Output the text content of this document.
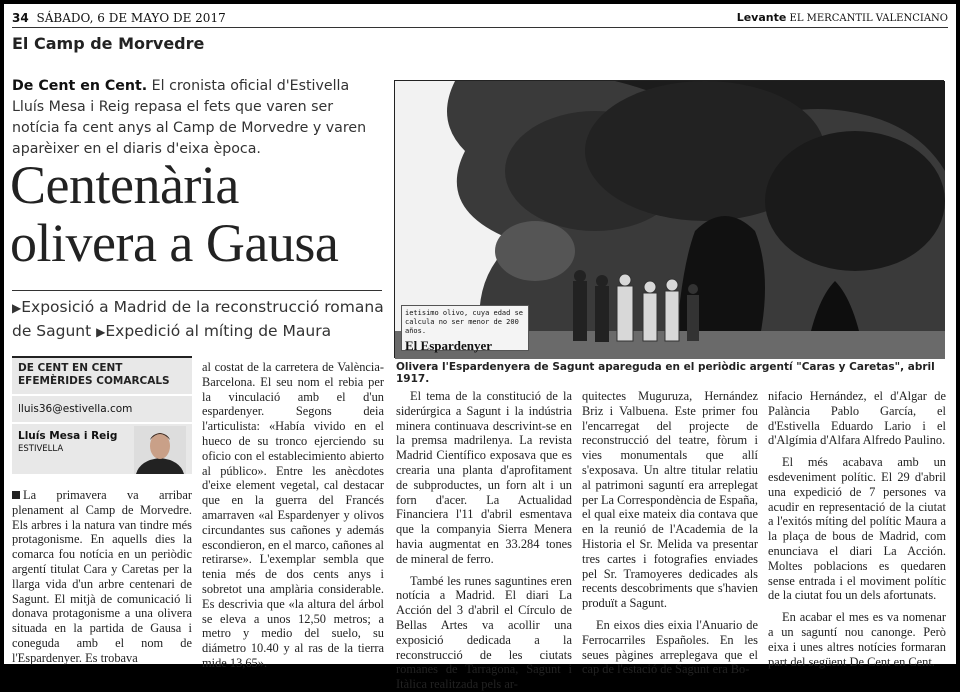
34 SÁBADO, 6 DE MAYO DE 2017	Levante EL MERCANTIL VALENCIANO
El Camp de Morvedre
De Cent en Cent. El cronista oficial d'Estivella Lluís Mesa i Reig repasa el fets que varen ser notícia fa cent anys al Camp de Morvedre y varen aparèixer en el diaris d'eixa època.
Centenària olivera a Gausa
▶Exposició a Madrid de la reconstrucció romana de Sagunt ▶Expedició al míting de Maura
ietisimo olivo, cuya edad se calcula no ser menor de 200 años.
El Espardenyer
Olivera l'Espardenyera de Sagunt apareguda en el periòdic argentí "Caras y Caretas", abril 1917.
DE CENT EN CENT EFEMÈRIDES COMARCALS
lluis36@estivella.com
Lluís Mesa i Reig
ESTIVELLA

La primavera va arribar plenament al Camp de Morvedre. Els arbres i la natura van tindre més protagonisme. En aquells dies la comarca fou notícia en un periòdic argentí titulat Cara y Caretas per la llarga vida d'un arbre centenari de Sagunt. El mitjà de comunicació li donava protagonisme a una olivera situada en la partida de Gausa i coneguda amb el nom de l'Espardenyer. Es trobava

al costat de la carretera de València-Barcelona. El seu nom el rebia per la vinculació amb el d'un espardenyer. Segons deia l'articulista: «Había vivido en el hueco de su tronco ejerciendo su oficio con el establecimiento abierto al público». Entre les anècdotes d'eixe element vegetal, cal destacar que en la guerra del Francés amarraven «al Espardenyer y olivos circundantes sus cañones y además escondieron, en el marco, cañones al retirarse». L'exemplar sembla que tenia més de dos cents anys i sobretot una amplària considerable. Es descrivia que «la altura del árbol se eleva a unos 12,50 metros; a metro y medio del suelo, su diámetro 10.40 y al ras de la tierra mide 13,65».

El tema de la constitució de la siderúrgica a Sagunt i la indústria minera continuava descrivint-se en la premsa madrilenya. La revista Madrid Científico exposava que es crearia una planta d'aprofitament de subproductes, un forn alt i un forn d'acer. La Actualidad Financiera l'11 d'abril esmentava que la companyia Sierra Menera havia augmentat en 33.284 tones de mineral de ferro.

També les runes saguntines eren notícia a Madrid. El diari La Acción del 3 d'abril el Círculo de Bellas Artes va acollir una exposició dedicada a la reconstrucció de les ciutats romanes de Tarragona, Sagunt i Itàlica realitzada pels ar-

quitectes Muguruza, Hernández Briz i Valbuena. Este primer fou l'encarregat del projecte de reconstrucció del teatre, fòrum i vies monumentals que allí s'exposava. Un altre titular relatiu al patrimoni saguntí era arreplegat per La Correspondència de España, el qual eixe mateix dia contava que en la reunió de l'Academia de la Historia el Sr. Melida va presentar tres cartes i fotografies enviades pel Sr. Tramoyeres dedicades als recents descobriments que s'havien produït a Sagunt.

En eixos dies eixia l'Anuario de Ferrocarriles Españoles. En les seues pàgines arreplegava que el cap de l'estació de Sagunt era Bo-

nifacio Hernández, el d'Algar de Palància Pablo García, el d'Estivella Eduardo Lario i el d'Algímia d'Alfara Alfredo Paulino.

El més acabava amb un esdeveniment polític. El 29 d'abril una expedició de 7 persones va acudir en representació de la ciutat a l'exitós míting del polític Maura a la plaça de bous de Madrid, com enunciava el diari La Acción. Moltes poblacions es quedaren sense entrada i el moviment polític de la ciutat fou un dels afortunats.

En acabar el mes es va nomenar a un saguntí nou canonge. Però eixa i unes altres notícies formaran part del següent De Cent en Cent.
